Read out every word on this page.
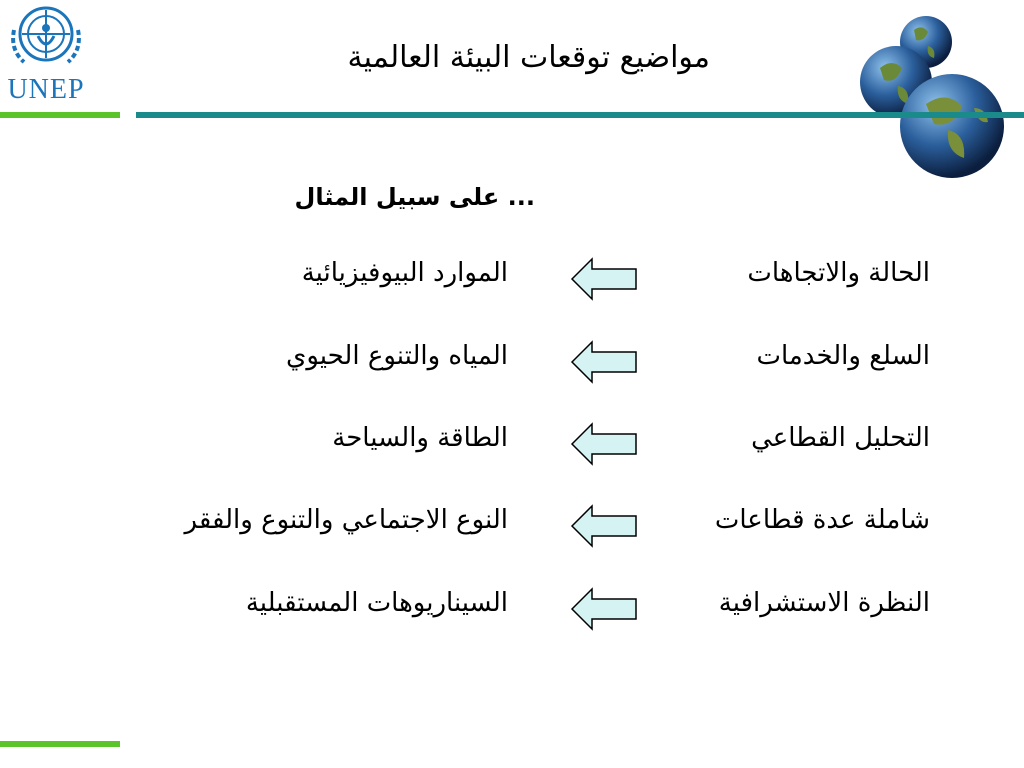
UNEP
مواضيع توقعات البيئة العالمية
... على سبيل المثال
الحالة والاتجاهات
الموارد البيوفيزيائية
السلع والخدمات
المياه والتنوع الحيوي
التحليل القطاعي
الطاقة والسياحة
شاملة عدة قطاعات
النوع الاجتماعي والتنوع والفقر
النظرة الاستشرافية
السيناريوهات المستقبلية
